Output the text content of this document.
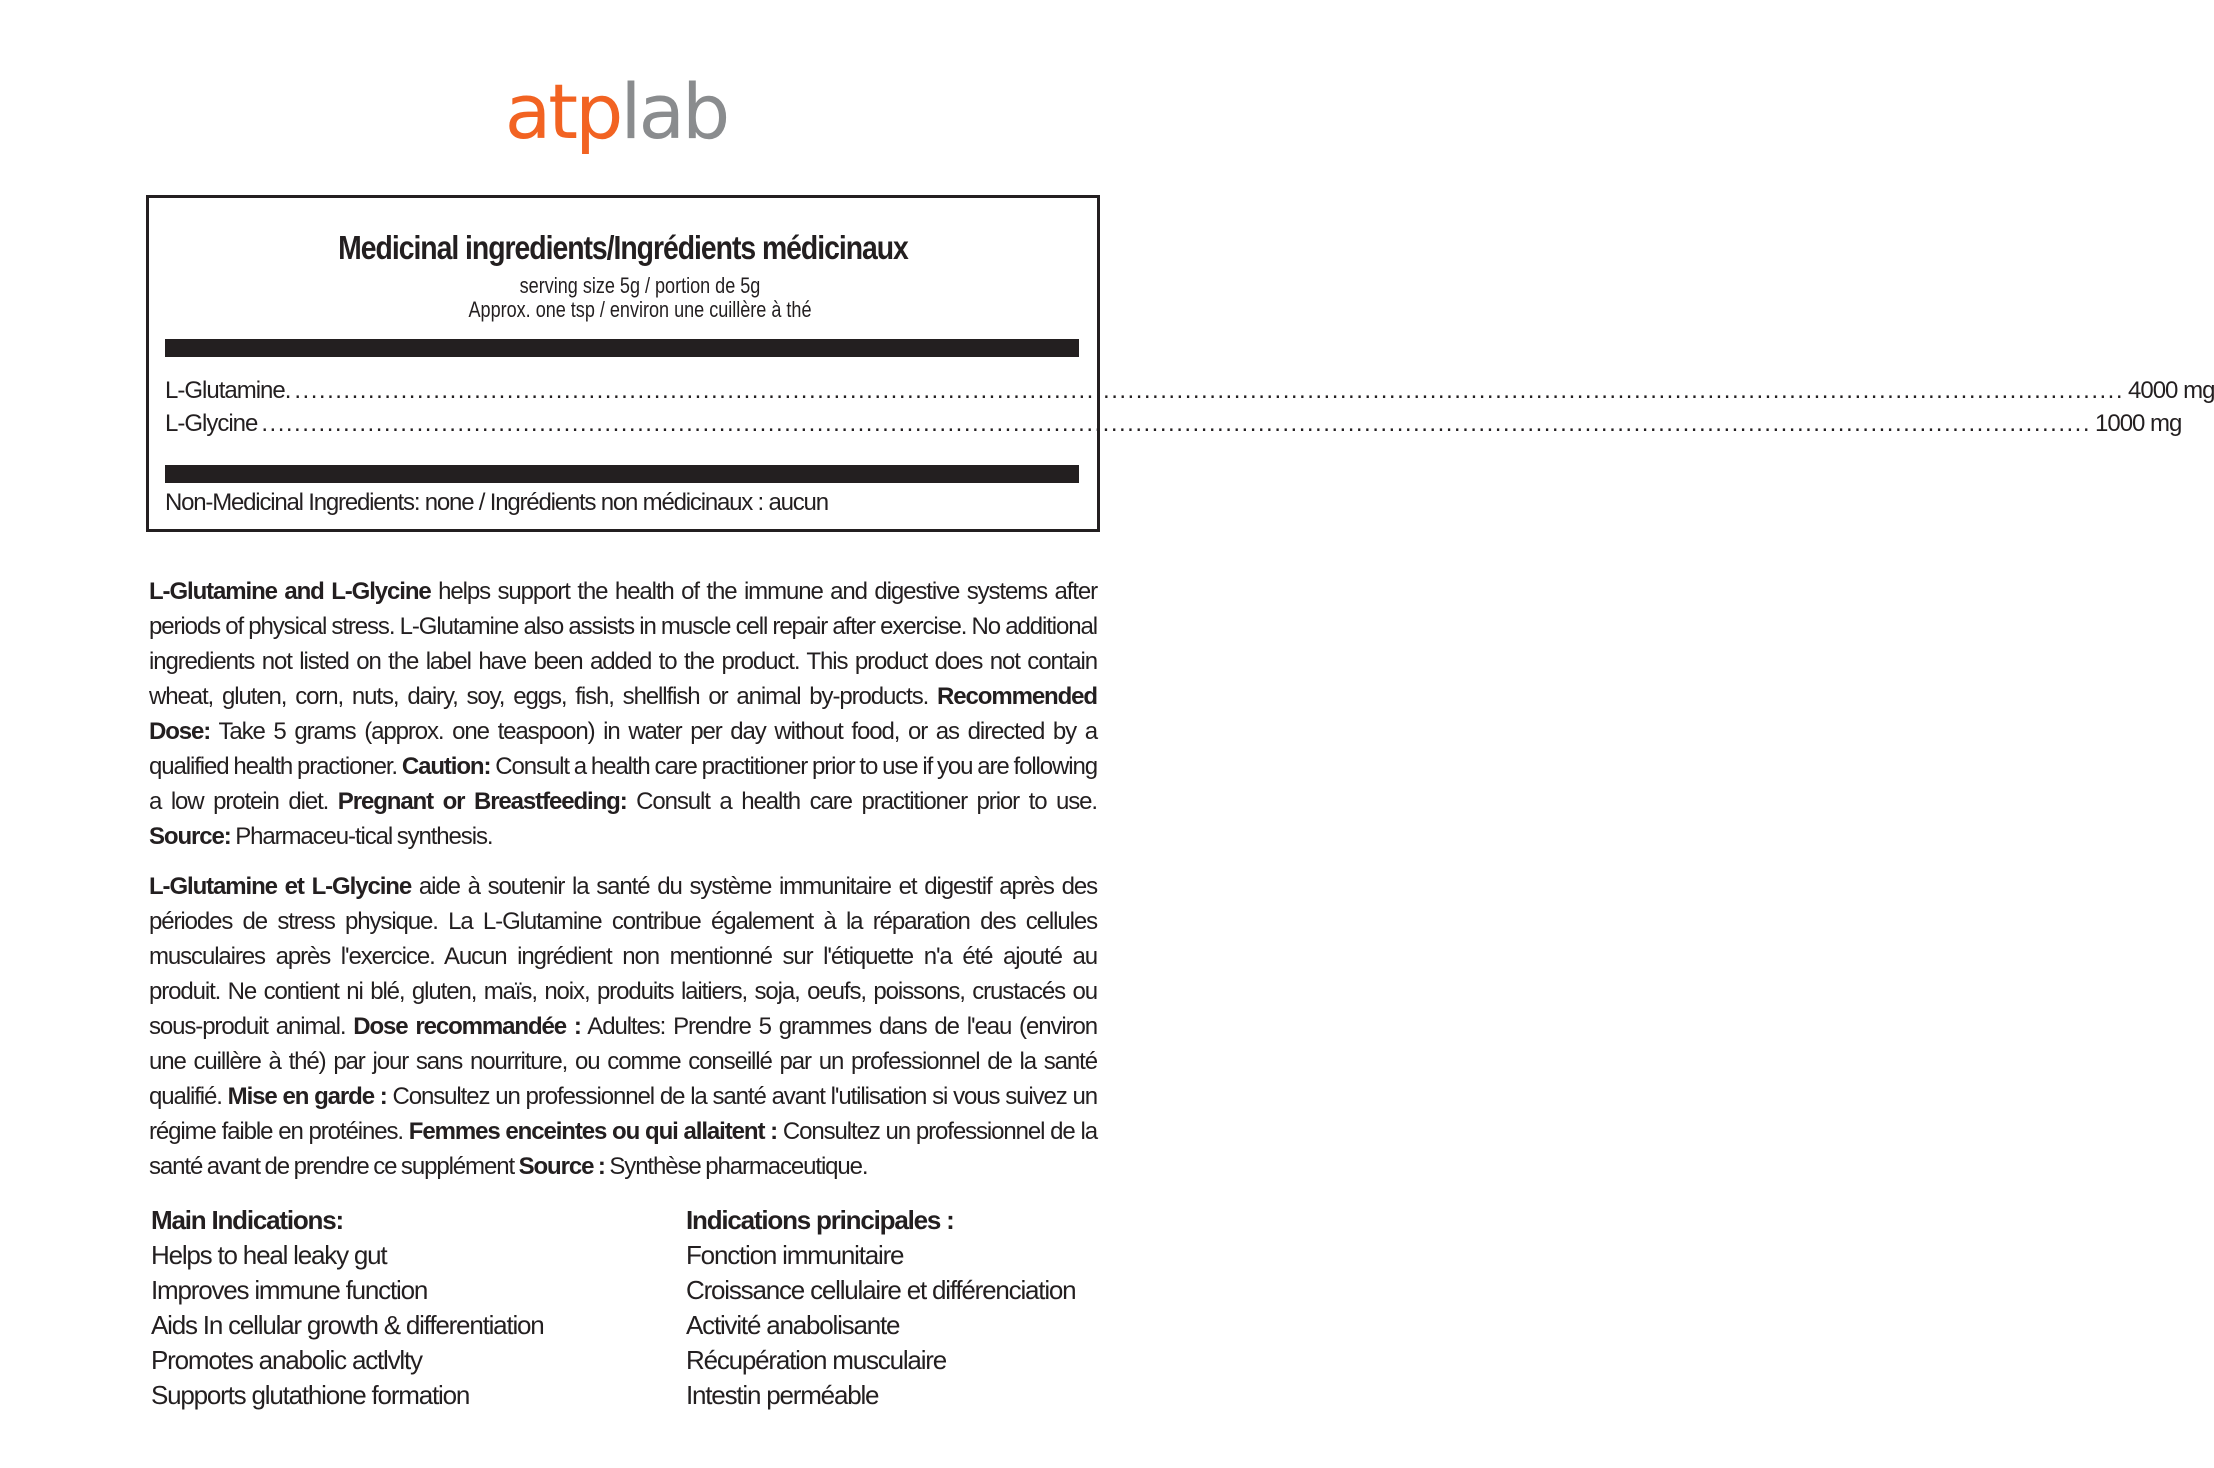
atplab
Medicinal ingredients/Ingrédients médicinaux
serving size 5g / portion de 5g
Approx. one tsp / environ une cuillère à thé
L-Glutamine. ................................................................................................................................................................................................................................ 4000 mg
L-Glycine ................................................................................................................................................................................................................................ 1000 mg
Non-Medicinal Ingredients: none / Ingrédients non médicinaux : aucun
L-Glutamine and L-Glycine helps support the health of the immune and digestive systems after periods of physical stress. L-Glutamine also assists in muscle cell repair after exercise. No additional ingredients not listed on the label have been added to the product. This product does not contain wheat, gluten, corn, nuts, dairy, soy, eggs, fish, shellfish or animal by-products. Recommended Dose: Take 5 grams (approx. one teaspoon) in water per day without food, or as directed by a qualified health practioner. Caution: Consult a health care practitioner prior to use if you are following a low protein diet. Pregnant or Breastfeeding: Consult a health care practitioner prior to use. Source: Pharmaceu-tical synthesis.
L-Glutamine et L-Glycine aide à soutenir la santé du système immunitaire et digestif après des périodes de stress physique. La L-Glutamine contribue également à la réparation des cellules musculaires après l'exercice. Aucun ingrédient non mentionné sur l'étiquette n'a été ajouté au produit. Ne contient ni blé, gluten, maïs, noix, produits laitiers, soja, oeufs, poissons, crustacés ou sous-produit animal. Dose recommandée : Adultes: Prendre 5 grammes dans de l'eau (environ une cuillère à thé) par jour sans nourriture, ou comme conseillé par un professionnel de la santé qualifié. Mise en garde : Consultez un professionnel de la santé avant l'utilisation si vous suivez un régime faible en protéines. Femmes enceintes ou qui allaitent : Consultez un professionnel de la santé avant de prendre ce supplément Source : Synthèse pharmaceutique.
Main Indications:
Helps to heal leaky gut
Improves immune function
Aids In cellular growth & differentiation
Promotes anabolic actlvlty
Supports glutathione formation
Indications principales :
Fonction immunitaire
Croissance cellulaire et différenciation
Activité anabolisante
Récupération musculaire
Intestin perméable
